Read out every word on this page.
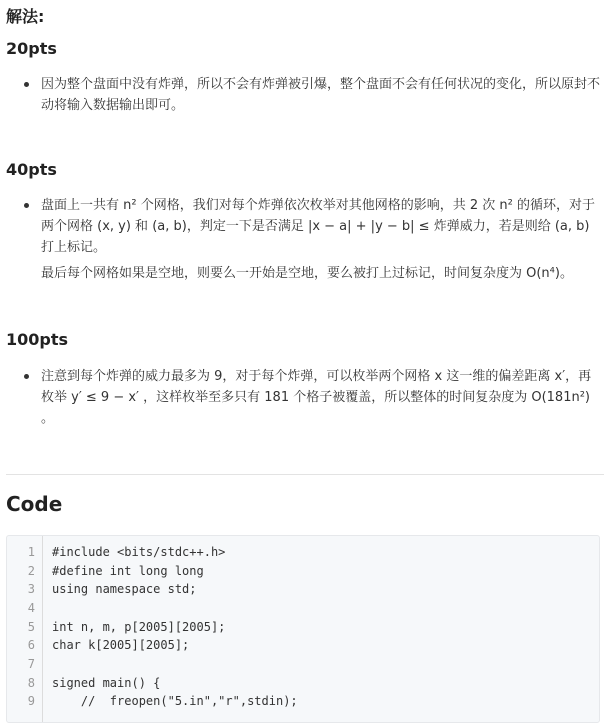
解法:
20pts

因为整个盘面中没有炸弹，所以不会有炸弹被引爆，整个盘面不会有任何状况的变化，所以原封不

动将输入数据输出即可。

40pts

盘面上一共有 n² 个网格，我们对每个炸弹依次枚举对其他网格的影响，共 2 次 n² 的循环，对于

两个网格 (x, y) 和 (a, b)，判定一下是否满足 |x − a| + |y − b| ≤ 炸弹威力，若是则给 (a, b)

打上标记。

最后每个网格如果是空地，则要么一开始是空地，要么被打上过标记，时间复杂度为 O(n⁴)。

100pts

注意到每个炸弹的威力最多为 9，对于每个炸弹，可以枚举两个网格 x 这一维的偏差距离 x′，再

枚举 y′ ≤ 9 − x′ ，这样枚举至多只有 181 个格子被覆盖，所以整体的时间复杂度为 O(181n²)

。

Code
1 #include <bits/stdc++.h>
2 #define int long long
3 using namespace std;
4
5 int n, m, p[2005][2005];
6 char k[2005][2005];
7
8 signed main() {
9 //  freopen("5.in","r",stdin);
